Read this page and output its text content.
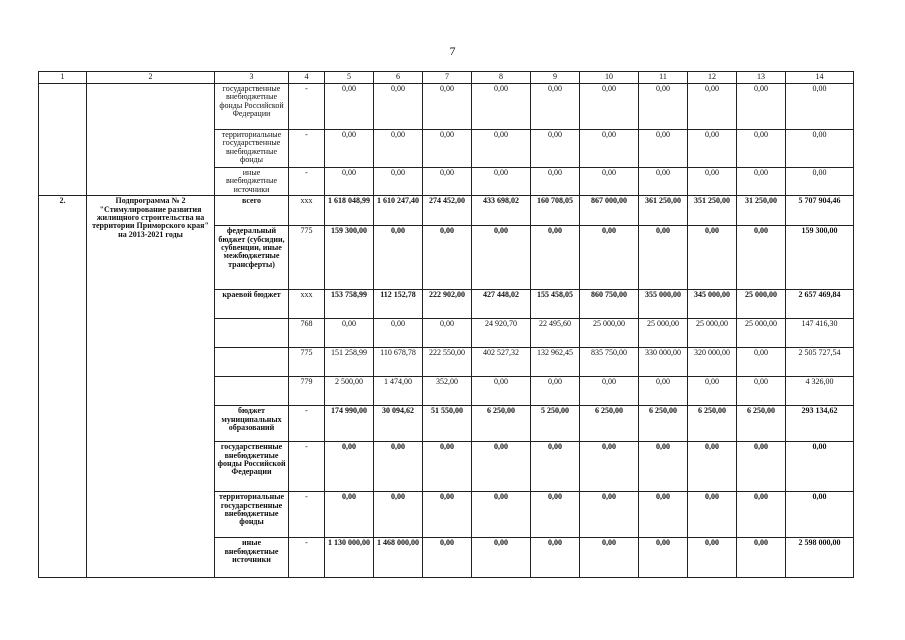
7
1	2	3	4	5	6	7	8	9	10	11	12	13	14
		государственные внебюджетные фонды Российской Федерации	-	0,00	0,00	0,00	0,00	0,00	0,00	0,00	0,00	0,00	0,00
		территориальные государственные внебюджетные фонды	-	0,00	0,00	0,00	0,00	0,00	0,00	0,00	0,00	0,00	0,00
		иные внебюджетные источники	-	0,00	0,00	0,00	0,00	0,00	0,00	0,00	0,00	0,00	0,00
2.	Подпрограмма № 2 "Стимулирование развития жилищного строительства на территории Приморского края" на 2013-2021 годы	всего	ххх	1 618 048,99	1 610 247,40	274 452,00	433 698,02	160 708,05	867 000,00	361 250,00	351 250,00	31 250,00	5 707 904,46
		федеральный бюджет (субсидии, субвенции, иные межбюджетные трансферты)	775	159 300,00	0,00	0,00	0,00	0,00	0,00	0,00	0,00	0,00	159 300,00
		краевой бюджет	ххх	153 758,99	112 152,78	222 902,00	427 448,02	155 458,05	860 750,00	355 000,00	345 000,00	25 000,00	2 657 469,84
			768	0,00	0,00	0,00	24 920,70	22 495,60	25 000,00	25 000,00	25 000,00	25 000,00	147 416,30
			775	151 258,99	110 678,78	222 550,00	402 527,32	132 962,45	835 750,00	330 000,00	320 000,00	0,00	2 505 727,54
			779	2 500,00	1 474,00	352,00	0,00	0,00	0,00	0,00	0,00	0,00	4 326,00
		бюджет муниципальных образований	-	174 990,00	30 094,62	51 550,00	6 250,00	5 250,00	6 250,00	6 250,00	6 250,00	6 250,00	293 134,62
		государственные внебюджетные фонды Российской Федерации	-	0,00	0,00	0,00	0,00	0,00	0,00	0,00	0,00	0,00	0,00
		территориальные государственные внебюджетные фонды	-	0,00	0,00	0,00	0,00	0,00	0,00	0,00	0,00	0,00	0,00
		иные внебюджетные источники	-	1 130 000,00	1 468 000,00	0,00	0,00	0,00	0,00	0,00	0,00	0,00	2 598 000,00
